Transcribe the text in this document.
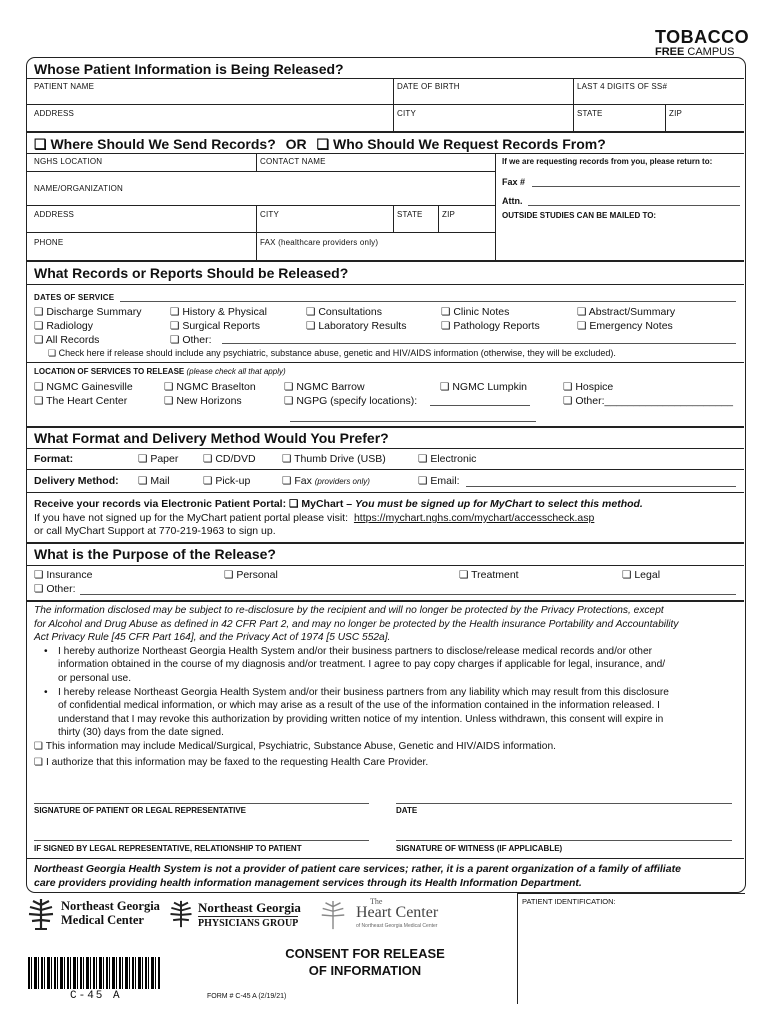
TOBACCO
FREE CAMPUS
Whose Patient Information is Being Released?
PATIENT NAME	DATE OF BIRTH	LAST 4 DIGITS OF SS#
ADDRESS	CITY	STATE	ZIP
❏ Where Should We Send Records? OR ❏ Who Should We Request Records From?
NGHS LOCATION	CONTACT NAME
NAME/ORGANIZATION
ADDRESS	CITY	STATE ZIP
PHONE	FAX (healthcare providers only)
If we are requesting records from you, please return to:
Fax #
Attn.
OUTSIDE STUDIES CAN BE MAILED TO:
What Records or Reports Should be Released?
DATES OF SERVICE
❏ Discharge Summary	❏ History & Physical	❏ Consultations	❏ Clinic Notes	❏ Abstract/Summary
❏ Radiology	❏ Surgical Reports	❏ Laboratory Results	❏ Pathology Reports	❏ Emergency Notes
❏ All Records	❏ Other:
❏ Check here if release should include any psychiatric, substance abuse, genetic and HIV/AIDS information (otherwise, they will be excluded).
LOCATION OF SERVICES TO RELEASE (please check all that apply)
❏ NGMC Gainesville	❏ NGMC Braselton	❏ NGMC Barrow	❏ NGMC Lumpkin	❏ Hospice
❏ The Heart Center	❏ New Horizons	❏ NGPG (specify locations):	❏ Other:______________________
What Format and Delivery Method Would You Prefer?
Format:	❏ Paper ❏ CD/DVD	❏ Thumb Drive (USB)	❏ Electronic
Delivery Method: ❏ Mail	❏ Pick-up	❏ Fax (providers only)	❏ Email:
Receive your records via Electronic Patient Portal: ❏ MyChart – You must be signed up for MyChart to select this method.
If you have not signed up for the MyChart patient portal please visit: https://mychart.nghs.com/mychart/accesscheck.asp
or call MyChart Support at 770-219-1963 to sign up.
What is the Purpose of the Release?
❏ Insurance	❏ Personal	❏ Treatment	❏ Legal
❏ Other:
The information disclosed may be subject to re-disclosure by the recipient and will no longer be protected by the Privacy Protections, except
for Alcohol and Drug Abuse as defined in 42 CFR Part 2, and may no longer be protected by the Health insurance Portability and Accountability
Act Privacy Rule [45 CFR Part 164], and the Privacy Act of 1974 [5 USC 552a].
• I hereby authorize Northeast Georgia Health System and/or their business partners to disclose/release medical records and/or other
information obtained in the course of my diagnosis and/or treatment. I agree to pay copy charges if applicable for legal, insurance, and/
or personal use.
• I hereby release Northeast Georgia Health System and/or their business partners from any liability which may result from this disclosure
of confidential medical information, or which may arise as a result of the use of the information contained in the information released. I
understand that I may revoke this authorization by providing written notice of my intention. Unless withdrawn, this consent will expire in
thirty (30) days from the date signed.
❏ This information may include Medical/Surgical, Psychiatric, Substance Abuse, Genetic and HIV/AIDS information.
❏ I authorize that this information may be faxed to the requesting Health Care Provider.
SIGNATURE OF PATIENT OR LEGAL REPRESENTATIVE	DATE
IF SIGNED BY LEGAL REPRESENTATIVE, RELATIONSHIP TO PATIENT	SIGNATURE OF WITNESS (IF APPLICABLE)
Northeast Georgia Health System is not a provider of patient care services; rather, it is a parent organization of a family of affiliate
care providers providing health information management services through its Health Information Department.
PATIENT IDENTIFICATION:
Northeast Georgia
Medical Center
Northeast Georgia
PHYSICIANS GROUP
The
Heart Center
of Northeast Georgia Medical Center
CONSENT FOR RELEASE
OF INFORMATION
C-45 A	FORM # C-45 A (2/19/21)
